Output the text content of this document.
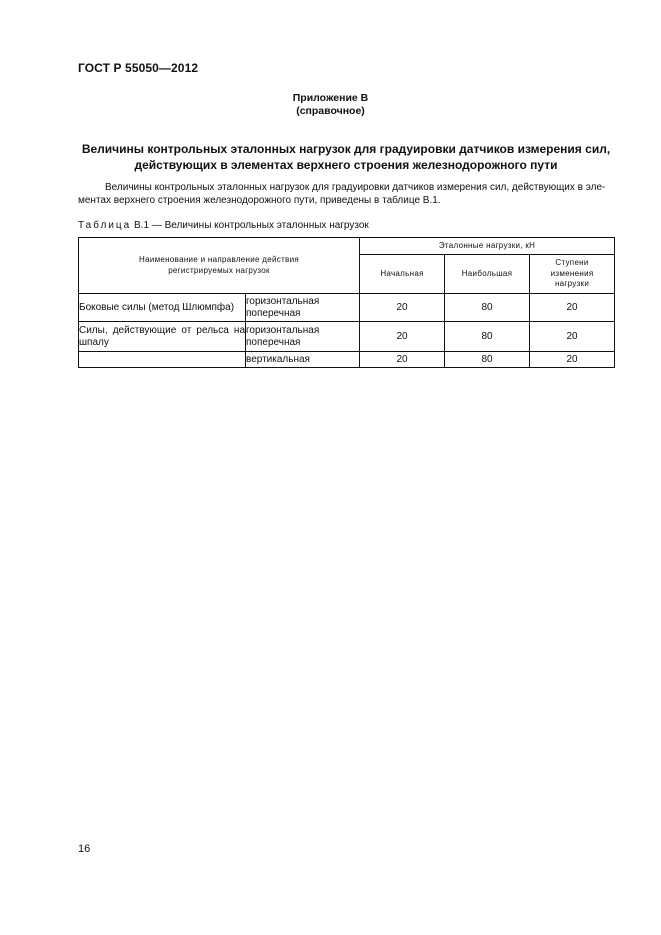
ГОСТ Р 55050—2012
Приложение В
(справочное)
Величины контрольных эталонных нагрузок для градуировки датчиков измерения сил,
действующих в элементах верхнего строения железнодорожного пути
Величины контрольных эталонных нагрузок для градуировки датчиков измерения сил, действующих в эле-
ментах верхнего строения железнодорожного пути, приведены в таблице В.1.
Таблица В.1 — Величины контрольных эталонных нагрузок
Наименование и направление действия регистрируемых нагрузок		Эталонные нагрузки, кН		
		Начальная	Наибольшая	Ступени изменения нагрузки
Боковые силы (метод Шлюмпфа)	горизонтальная поперечная	20	80	20
Силы, действующие от рельса на шпалу	горизонтальная поперечная	20	80	20
	вертикальная	20	80	20
16
